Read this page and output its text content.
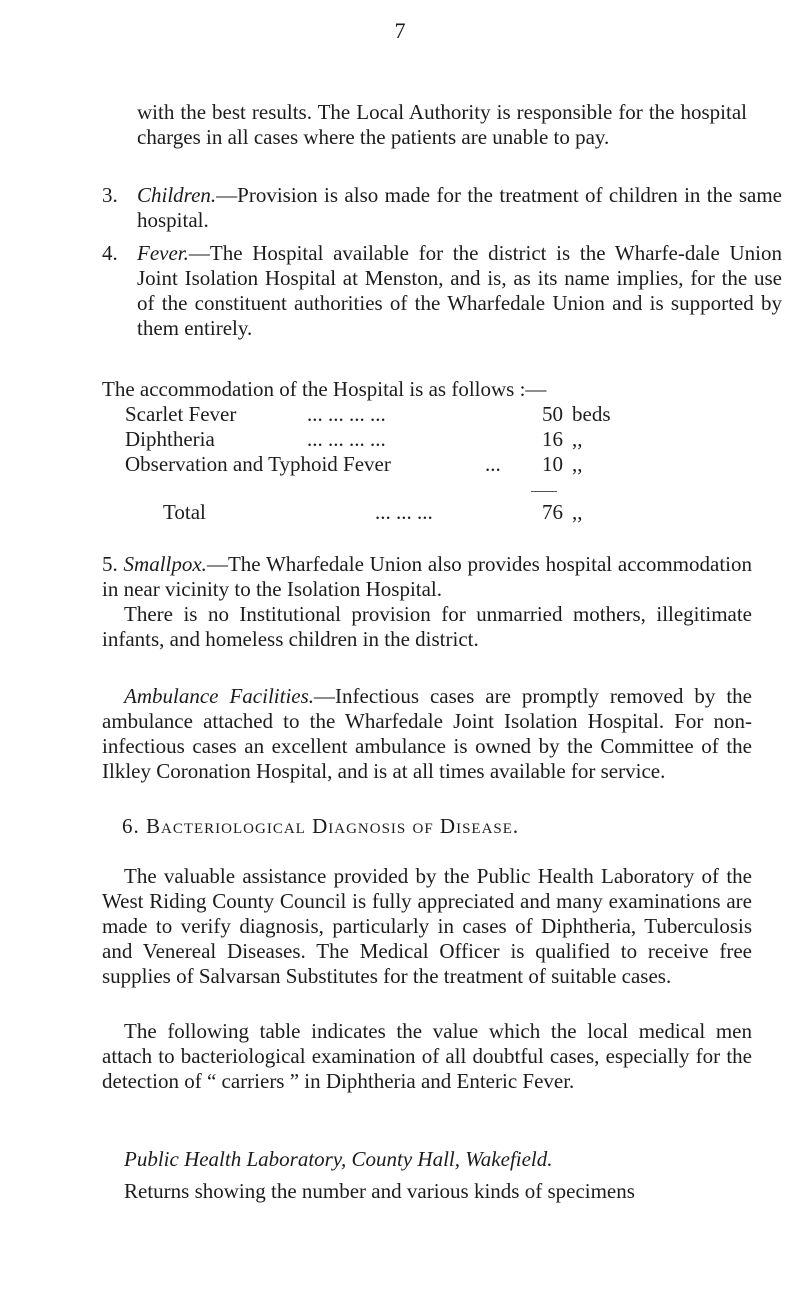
7
with the best results. The Local Authority is responsible for the hospital charges in all cases where the patients are unable to pay.
3. Children.—Provision is also made for the treatment of children in the same hospital.
4. Fever.—The Hospital available for the district is the Wharfe-dale Union Joint Isolation Hospital at Menston, and is, as its name implies, for the use of the constituent authorities of the Wharfedale Union and is supported by them entirely.
The accommodation of the Hospital is as follows :—
Scarlet Fever	... ... ... ...	50 beds
Diphtheria	... ... ... ...	16 ,,
Observation and Typhoid Fever	...	10 ,,
Total	... ... ...	76 ,,
5. Smallpox.—The Wharfedale Union also provides hospital accommodation in near vicinity to the Isolation Hospital.
There is no Institutional provision for unmarried mothers, illegitimate infants, and homeless children in the district.
Ambulance Facilities.—Infectious cases are promptly removed by the ambulance attached to the Wharfedale Joint Isolation Hospital. For non-infectious cases an excellent ambulance is owned by the Committee of the Ilkley Coronation Hospital, and is at all times available for service.
6. Bacteriological Diagnosis of Disease.
The valuable assistance provided by the Public Health Laboratory of the West Riding County Council is fully appreciated and many examinations are made to verify diagnosis, particularly in cases of Diphtheria, Tuberculosis and Venereal Diseases. The Medical Officer is qualified to receive free supplies of Salvarsan Substitutes for the treatment of suitable cases.
The following table indicates the value which the local medical men attach to bacteriological examination of all doubtful cases, especially for the detection of “ carriers ” in Diphtheria and Enteric Fever.
Public Health Laboratory, County Hall, Wakefield.
Returns showing the number and various kinds of specimens
